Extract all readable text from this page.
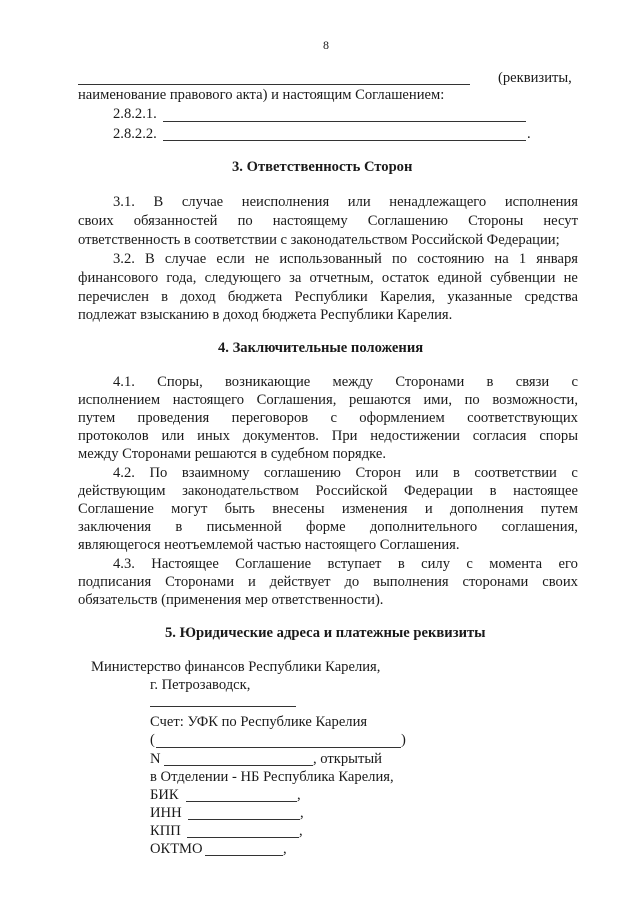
8
(реквизиты,
наименование правового акта) и настоящим Соглашением:
2.8.2.1.
2.8.2.2.	.
3. Ответственность Сторон
3.1. В случае неисполнения или ненадлежащего исполнения
своих обязанностей по настоящему Соглашению Стороны несут
ответственность в соответствии с законодательством Российской Федерации;
3.2. В случае если не использованный по состоянию на 1 января
финансового года, следующего за отчетным, остаток единой субвенции не
перечислен в доход бюджета Республики Карелия, указанные средства
подлежат взысканию в доход бюджета Республики Карелия.
4. Заключительные положения
4.1. Споры, возникающие между Сторонами в связи с
исполнением настоящего Соглашения, решаются ими, по возможности,
путем проведения переговоров с оформлением соответствующих
протоколов или иных документов. При недостижении согласия споры
между Сторонами решаются в судебном порядке.
4.2. По взаимному соглашению Сторон или в соответствии с
действующим законодательством Российской Федерации в настоящее
Соглашение могут быть внесены изменения и дополнения путем
заключения в письменной форме дополнительного соглашения,
являющегося неотъемлемой частью настоящего Соглашения.
4.3. Настоящее Соглашение вступает в силу с момента его
подписания Сторонами и действует до выполнения сторонами своих
обязательств (применения мер ответственности).
5. Юридические адреса и платежные реквизиты
Министерство финансов Республики Карелия,
г. Петрозаводск,
Счет: УФК по Республике Карелия
(	)
N	, открытый
в Отделении - НБ Республика Карелия,
БИК	,
ИНН	,
КПП	,
ОКТМО	,
